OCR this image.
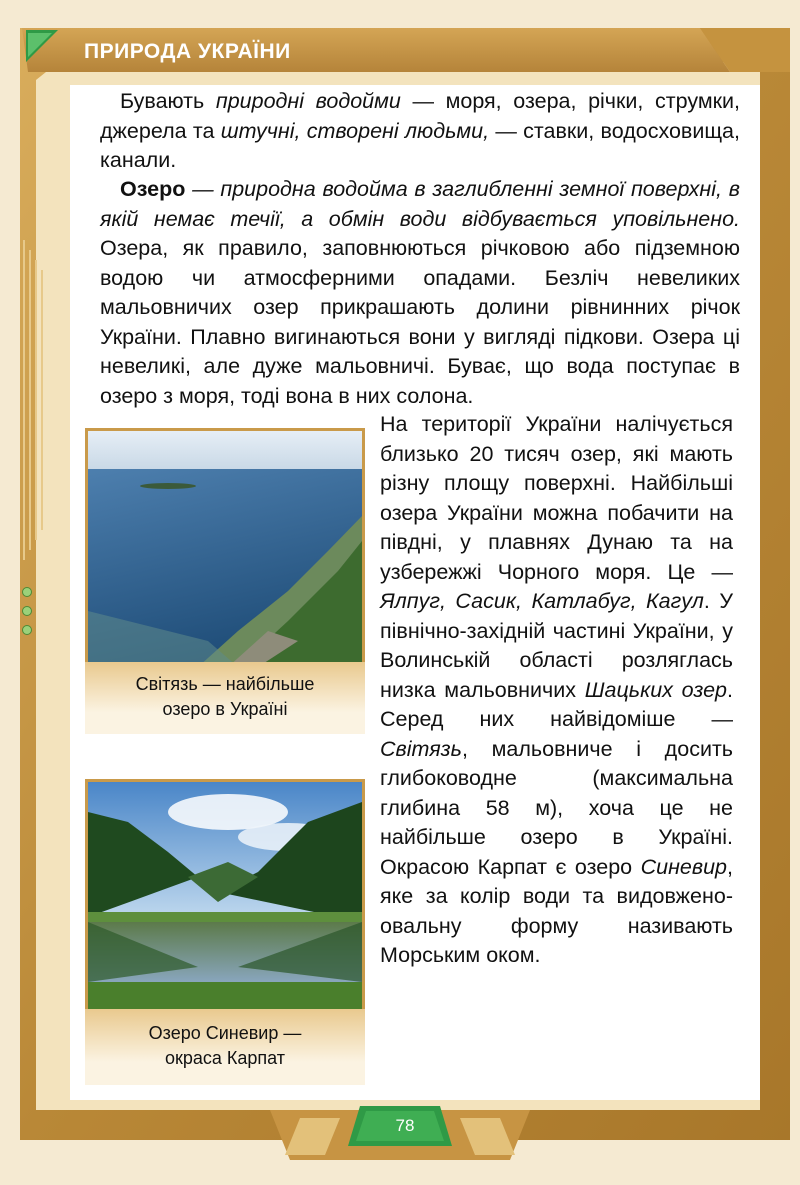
ПРИРОДА УКРАЇНИ

Бувають природні водойми — моря, озера, річки, струмки, джерела та штучні, створені людьми, — ставки, водосховища, канали.

Озеро — природна водойма в заглибленні земної поверхні, в якій немає течії, а обмін води відбувається уповільнено. Озера, як правило, заповнюються річковою або підземною водою чи атмосферними опадами. Безліч невеликих мальовничих озер прикрашають долини рівнинних річок України. Плавно вигинаються вони у вигляді підкови. Озера ці невеликі, але дуже мальовничі. Буває, що вода поступає в озеро з моря, тоді вона в них солона.

Світязь — найбільше
озеро в Україні
Озеро Синевир —
окраса Карпат

На території України налічується близько 20 тисяч озер, які мають різну площу поверхні. Найбільші озера України можна побачити на півдні, у плавнях Дунаю та на узбережжі Чорного моря. Це — Ялпуг, Сасик, Катлабуг, Кагул. У північно-західній частині України, у Волинській області розляглась низка мальовничих Шацьких озер. Серед них найвідоміше — Світязь, мальовниче і досить глибоководне (максимальна глибина 58 м), хоча це не найбільше озеро в Україні. Окрасою Карпат є озеро Синевир, яке за колір води та видовжено-овальну форму називають Морським оком.

78
